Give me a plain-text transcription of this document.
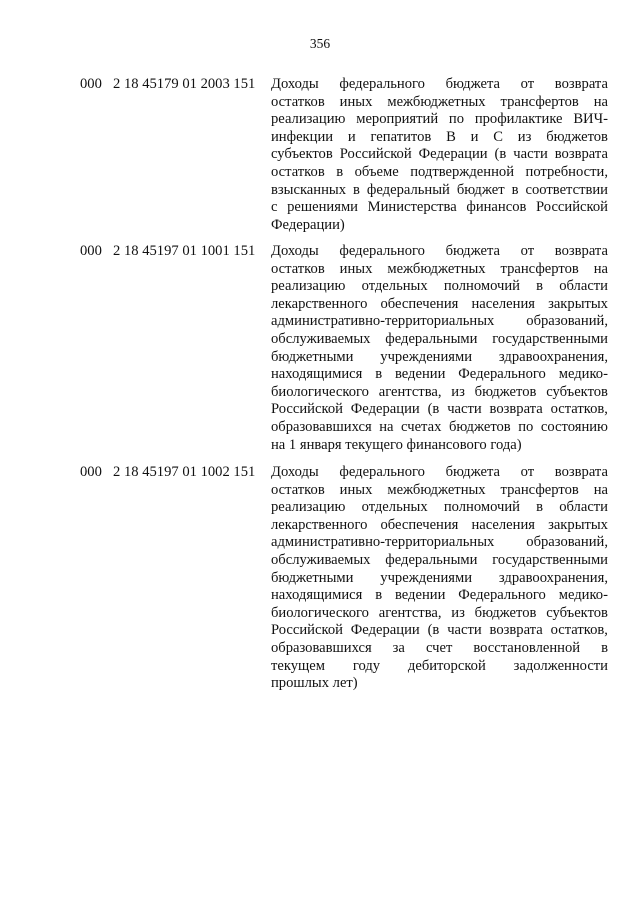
356
000 2 18 45179 01 2003 151 Доходы федерального бюджета от возврата
остатков иных межбюджетных трансфертов на
реализацию мероприятий по профилактике ВИЧ-
инфекции и гепатитов В и С из бюджетов
субъектов Российской Федерации (в части возврата
остатков в объеме подтвержденной потребности,
взысканных в федеральный бюджет в соответствии
с решениями Министерства финансов Российской
Федерации)
000 2 18 45197 01 1001 151 Доходы федерального бюджета от возврата
остатков иных межбюджетных трансфертов на
реализацию отдельных полномочий в области
лекарственного обеспечения населения закрытых
административно-территориальных образований,
обслуживаемых федеральными государственными
бюджетными учреждениями здравоохранения,
находящимися в ведении Федерального медико-
биологического агентства, из бюджетов субъектов
Российской Федерации (в части возврата остатков,
образовавшихся на счетах бюджетов по состоянию
на 1 января текущего финансового года)
000 2 18 45197 01 1002 151 Доходы федерального бюджета от возврата
остатков иных межбюджетных трансфертов на
реализацию отдельных полномочий в области
лекарственного обеспечения населения закрытых
административно-территориальных образований,
обслуживаемых федеральными государственными
бюджетными учреждениями здравоохранения,
находящимися в ведении Федерального медико-
биологического агентства, из бюджетов субъектов
Российской Федерации (в части возврата остатков,
образовавшихся за счет восстановленной в
текущем году дебиторской задолженности
прошлых лет)
